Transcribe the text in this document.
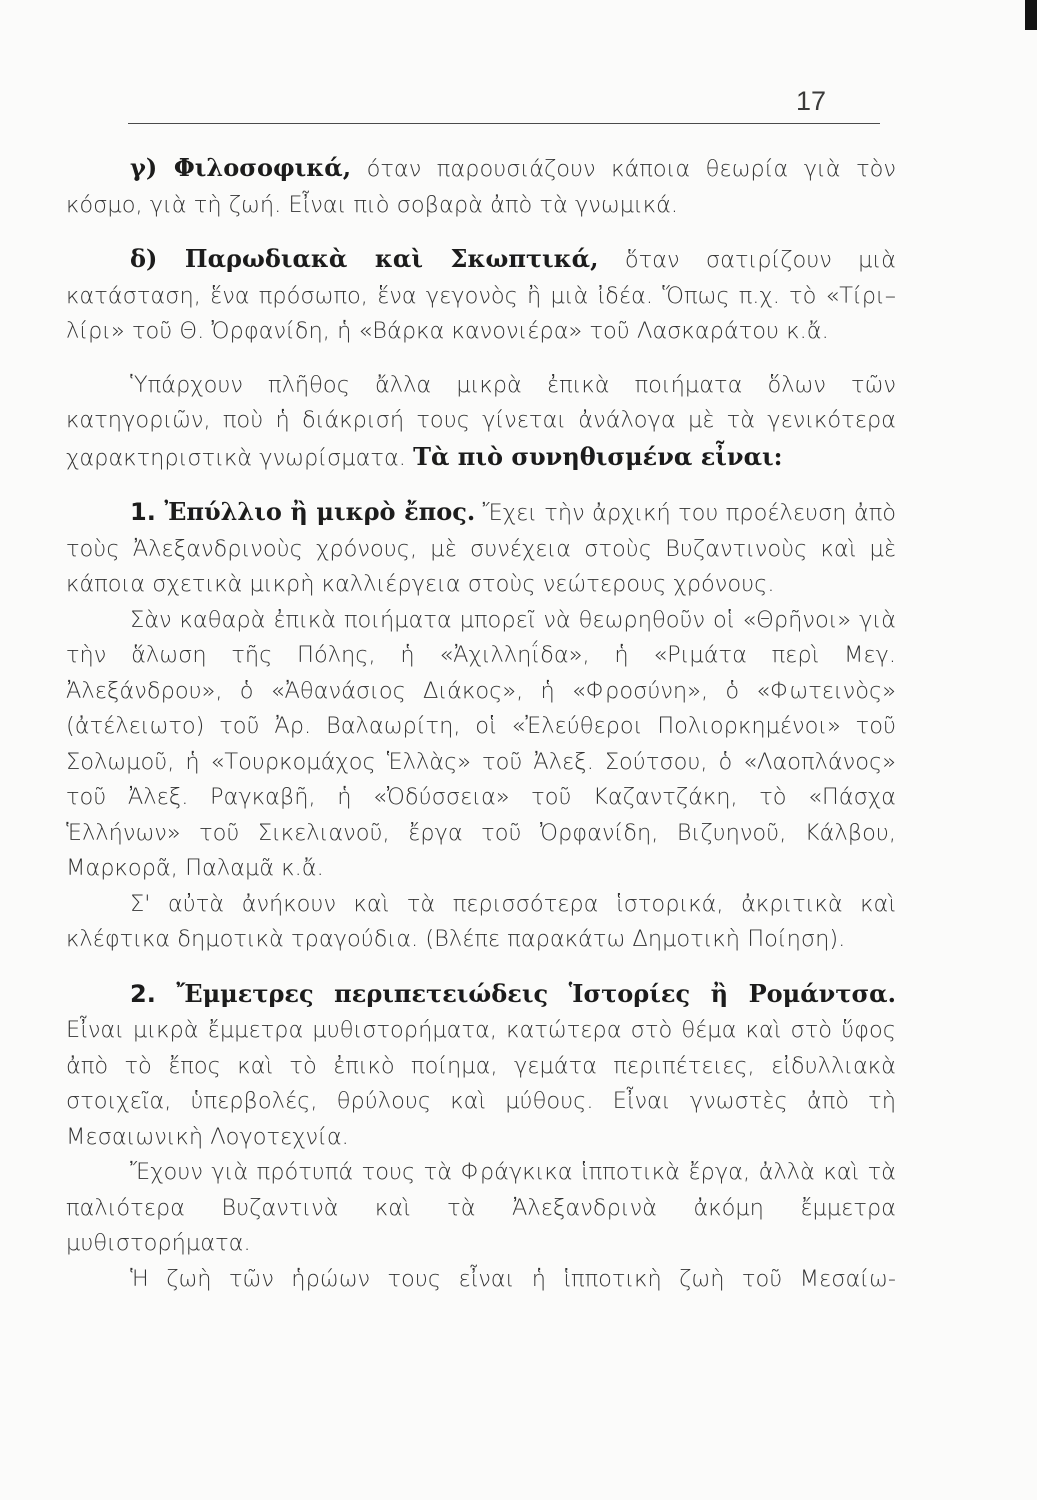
17

γ) Φιλοσοφικά, όταν παρουσιάζουν κάποια θεωρία γιὰ τὸν κόσμο, γιὰ τὴ ζωή. Εἶναι πιὸ σοβαρὰ ἀπὸ τὰ γνωμικά.

δ) Παρωδιακὰ καὶ Σκωπτικά, ὅταν σατιρίζουν μιὰ κατάσταση, ἕνα πρόσωπο, ἕνα γεγονὸς ἢ μιὰ ἰδέα. Ὅπως π.χ. τὸ «Τίρι–λίρι» τοῦ Θ. Ὀρφανίδη, ἡ «Βάρκα κανονιέρα» τοῦ Λασκαράτου κ.ἄ.

Ὑπάρχουν πλῆθος ἄλλα μικρὰ ἐπικὰ ποιήματα ὅλων τῶν κατηγοριῶν, ποὺ ἡ διάκρισή τους γίνεται ἀνάλογα μὲ τὰ γενικότερα χαρακτηριστικὰ γνωρίσματα. Τὰ πιὸ συνηθισμένα εἶναι:

1. Ἐπύλλιο ἢ μικρὸ ἔπος. Ἔχει τὴν ἀρχική του προέλευση ἀπὸ τοὺς Ἀλεξανδρινοὺς χρόνους, μὲ συνέχεια στοὺς Βυζαντινοὺς καὶ μὲ κάποια σχετικὰ μικρὴ καλλιέργεια στοὺς νεώτερους χρόνους.

Σὰν καθαρὰ ἐπικὰ ποιήματα μπορεῖ νὰ θεωρηθοῦν οἱ «Θρῆνοι» γιὰ τὴν ἅλωση τῆς Πόλης, ἡ «Ἀχιλληΐδα», ἡ «Ριμάτα περὶ Μεγ. Ἀλεξάνδρου», ὁ «Ἀθανάσιος Διάκος», ἡ «Φροσύνη», ὁ «Φωτεινὸς» (ἀτέλειωτο) τοῦ Ἀρ. Βαλαωρίτη, οἱ «Ἐλεύθεροι Πολιορκημένοι» τοῦ Σολωμοῦ, ἡ «Τουρκομάχος Ἑλλὰς» τοῦ Ἀλεξ. Σούτσου, ὁ «Λαοπλάνος» τοῦ Ἀλεξ. Ραγκαβῆ, ἡ «Ὀδύσσεια» τοῦ Καζαντζάκη, τὸ «Πάσχα Ἑλλήνων» τοῦ Σικελιανοῦ, ἔργα τοῦ Ὀρφανίδη, Βιζυηνοῦ, Κάλβου, Μαρκορᾶ, Παλαμᾶ κ.ἄ.

Σ' αὐτὰ ἀνήκουν καὶ τὰ περισσότερα ἱστορικά, ἀκριτικὰ καὶ κλέφτικα δημοτικὰ τραγούδια. (Βλέπε παρακάτω Δημοτικὴ Ποίηση).

2. Ἔμμετρες περιπετειώδεις Ἱστορίες ἢ Ρομάντσα. Εἶναι μικρὰ ἔμμετρα μυθιστορήματα, κατώτερα στὸ θέμα καὶ στὸ ὕφος ἀπὸ τὸ ἔπος καὶ τὸ ἐπικὸ ποίημα, γεμάτα περιπέτειες, εἰδυλλιακὰ στοιχεῖα, ὑπερβολές, θρύλους καὶ μύθους. Εἶναι γνωστὲς ἀπὸ τὴ Μεσαιωνικὴ Λογοτεχνία.

Ἔχουν γιὰ πρότυπά τους τὰ Φράγκικα ἱπποτικὰ ἔργα, ἀλλὰ καὶ τὰ παλιότερα Βυζαντινὰ καὶ τὰ Ἀλεξανδρινὰ ἀκόμη ἔμμετρα μυθιστορήματα.

Ἡ ζωὴ τῶν ἡρώων τους εἶναι ἡ ἱπποτικὴ ζωὴ τοῦ Μεσαίω-
